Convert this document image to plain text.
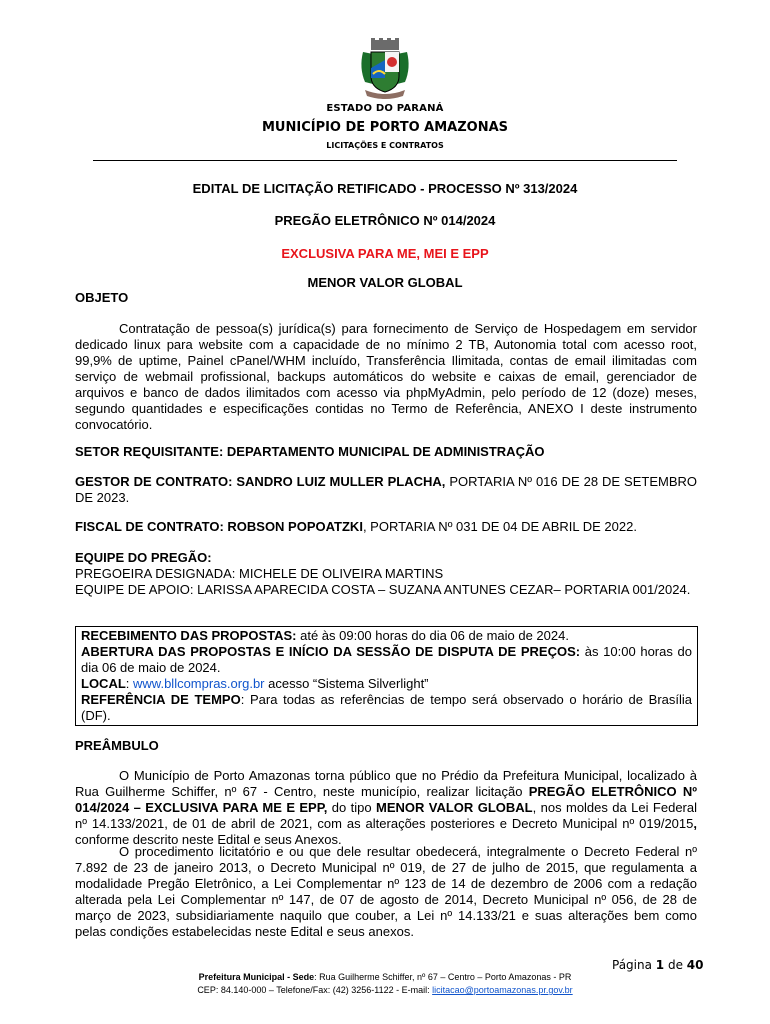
ESTADO DO PARANÁ
MUNICÍPIO DE PORTO AMAZONAS
LICITAÇÕES E CONTRATOS
EDITAL DE LICITAÇÃO RETIFICADO - PROCESSO Nº 313/2024
PREGÃO ELETRÔNICO Nº 014/2024
EXCLUSIVA PARA ME, MEI E EPP
MENOR VALOR GLOBAL
OBJETO
Contratação de pessoa(s) jurídica(s) para fornecimento de Serviço de Hospedagem em servidor dedicado linux para website com a capacidade de no mínimo 2 TB, Autonomia total com acesso root, 99,9% de uptime, Painel cPanel/WHM incluído, Transferência Ilimitada, contas de email ilimitadas com serviço de webmail profissional, backups automáticos do website e caixas de email, gerenciador de arquivos e banco de dados ilimitados com acesso via phpMyAdmin, pelo período de 12 (doze) meses, segundo quantidades e especificações contidas no Termo de Referência, ANEXO I deste instrumento convocatório.
SETOR REQUISITANTE: DEPARTAMENTO MUNICIPAL DE ADMINISTRAÇÃO
GESTOR DE CONTRATO: SANDRO LUIZ MULLER PLACHA, PORTARIA Nº 016 DE 28 DE SETEMBRO DE 2023.
FISCAL DE CONTRATO: ROBSON POPOATZKI, PORTARIA Nº 031 DE 04 DE ABRIL DE 2022.
EQUIPE DO PREGÃO:
PREGOEIRA DESIGNADA: MICHELE DE OLIVEIRA MARTINS
EQUIPE DE APOIO: LARISSA APARECIDA COSTA – SUZANA ANTUNES CEZAR– PORTARIA 001/2024.
RECEBIMENTO DAS PROPOSTAS: até às 09:00 horas do dia 06 de maio de 2024.
ABERTURA DAS PROPOSTAS E INÍCIO DA SESSÃO DE DISPUTA DE PREÇOS: às 10:00 horas do dia 06 de maio de 2024.
LOCAL: www.bllcompras.org.br acesso “Sistema Silverlight”
REFERÊNCIA DE TEMPO: Para todas as referências de tempo será observado o horário de Brasília (DF).
PREÂMBULO
O Município de Porto Amazonas torna público que no Prédio da Prefeitura Municipal, localizado à Rua Guilherme Schiffer, nº 67 - Centro, neste município, realizar licitação PREGÃO ELETRÔNICO Nº 014/2024 – EXCLUSIVA PARA ME E EPP, do tipo MENOR VALOR GLOBAL, nos moldes da Lei Federal nº 14.133/2021, de 01 de abril de 2021, com as alterações posteriores e Decreto Municipal nº 019/2015, conforme descrito neste Edital e seus Anexos.
O procedimento licitatório e ou que dele resultar obedecerá, integralmente o Decreto Federal nº 7.892 de 23 de janeiro 2013, o Decreto Municipal nº 019, de 27 de julho de 2015, que regulamenta a modalidade Pregão Eletrônico, a Lei Complementar nº 123 de 14 de dezembro de 2006 com a redação alterada pela Lei Complementar nº 147, de 07 de agosto de 2014, Decreto Municipal nº 056, de 28 de março de 2023, subsidiariamente naquilo que couber, a Lei nº 14.133/21 e suas alterações bem como pelas condições estabelecidas neste Edital e seus anexos.
Página 1 de 40
Prefeitura Municipal - Sede: Rua Guilherme Schiffer, nº 67 – Centro – Porto Amazonas - PR
CEP: 84.140-000 – Telefone/Fax: (42) 3256-1122 - E-mail: licitacao@portoamazonas.pr.gov.br
